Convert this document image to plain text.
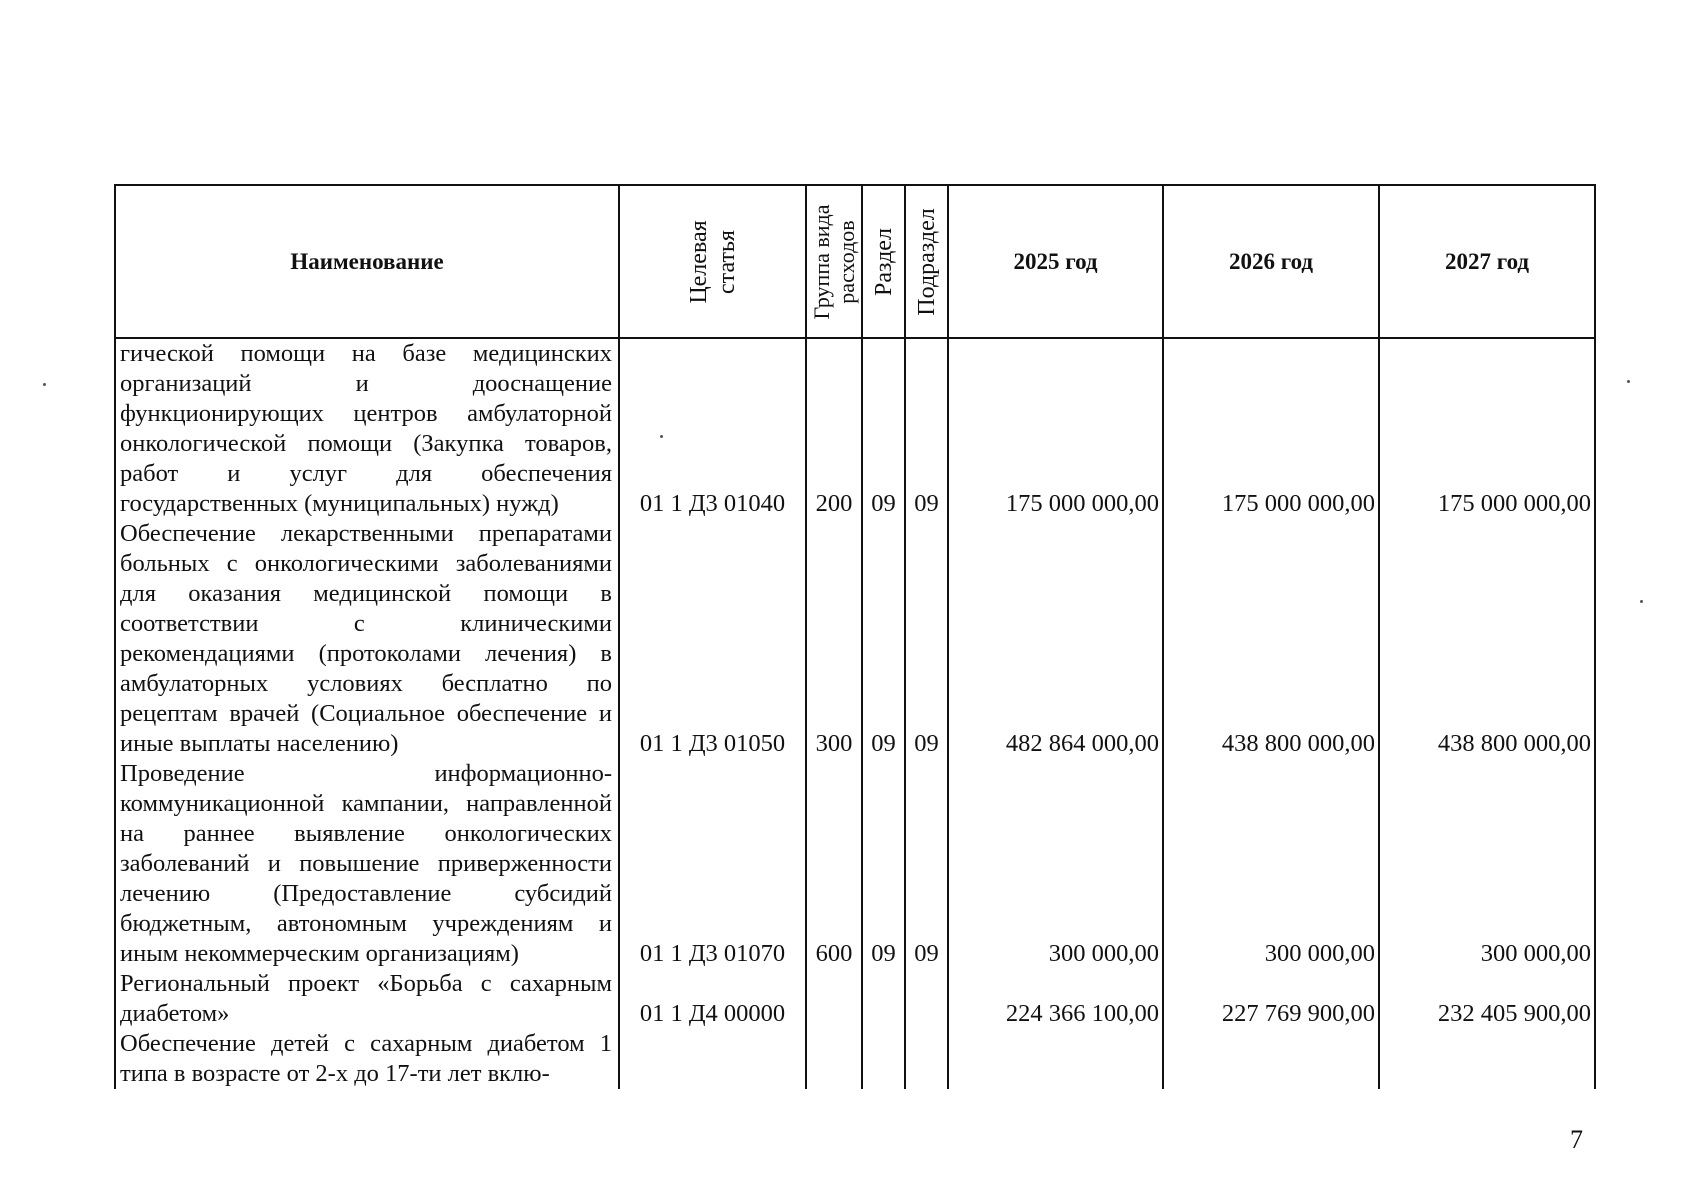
Наименование	Целевая статья	Группа вида расходов	Раздел	Подраздел	2025 год	2026 год	2027 год
гической помощи на базе медицинских организаций и дооснащение функционирующих центров амбулаторной онкологической помощи (Закупка товаров, работ и услуг для обеспечения государственных (муниципальных) нужд)	01 1 Д3 01040	200	09	09	175 000 000,00	175 000 000,00	175 000 000,00
Обеспечение лекарственными препаратами больных с онкологическими заболеваниями для оказания медицинской помощи в соответствии с клиническими рекомендациями (протоколами лечения) в амбулаторных условиях бесплатно по рецептам врачей (Социальное обеспечение и иные выплаты населению)	01 1 Д3 01050	300	09	09	482 864 000,00	438 800 000,00	438 800 000,00
Проведение информационно-коммуникационной кампании, направленной на раннее выявление онкологических заболеваний и повышение приверженности лечению (Предоставление субсидий бюджетным, автономным учреждениям и иным некоммерческим организациям)	01 1 Д3 01070	600	09	09	300 000,00	300 000,00	300 000,00
Региональный проект «Борьба с сахарным диабетом»	01 1 Д4 00000				224 366 100,00	227 769 900,00	232 405 900,00
Обеспечение детей с сахарным диабетом 1 типа в возрасте от 2-х до 17-ти лет вклю-							
7
